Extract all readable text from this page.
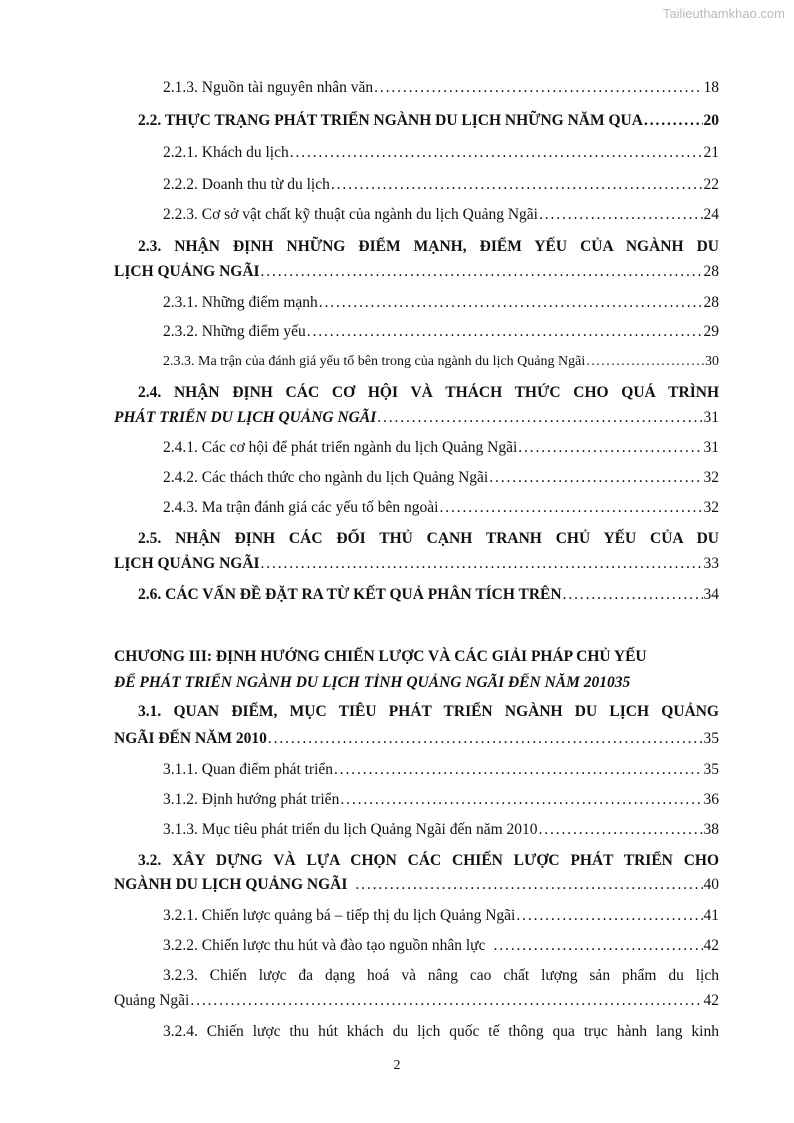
Tailieuthamkhao.com
2.1.3. Nguồn tài nguyên nhân văn . . .	18
2.2. THỰC TRẠNG PHÁT TRIỂN NGÀNH DU LỊCH NHỮNG NĂM QUA . . .	20
2.2.1. Khách du lịch . . .	21
2.2.2. Doanh thu từ du lịch . . .	22
2.2.3. Cơ sở vật chất kỹ thuật của ngành du lịch Quảng Ngãi . . .	24
2.3. NHẬN ĐỊNH NHỮNG ĐIỂM MẠNH, ĐIỂM YẾU CỦA NGÀNH DU
LỊCH QUẢNG NGÃI . . .	28
2.3.1. Những điểm mạnh . . .	28
2.3.2. Những điểm yếu . . .	29
2.3.3. Ma trận của đánh giá yếu tố bên trong của ngành du lịch Quảng Ngãi . . .	30
2.4. NHẬN ĐỊNH CÁC CƠ HỘI VÀ THÁCH THỨC CHO QUÁ TRÌNH
PHÁT TRIỂN DU LỊCH QUẢNG NGÃI . . .	31
2.4.1. Các cơ hội để phát triển ngành du lịch Quảng Ngãi . . .	31
2.4.2. Các thách thức cho ngành du lịch Quảng Ngãi . . .	32
2.4.3. Ma trận đánh giá các yếu tố bên ngoài . . .	32
2.5. NHẬN ĐỊNH CÁC ĐỐI THỦ CẠNH TRANH CHỦ YẾU CỦA DU
LỊCH QUẢNG NGÃI . . .	33
2.6. CÁC VẤN ĐỀ ĐẶT RA TỪ KẾT QUẢ PHÂN TÍCH TRÊN . . .	34
CHƯƠNG III: ĐỊNH HƯỚNG CHIẾN LƯỢC VÀ CÁC GIẢI PHÁP CHỦ YẾU
ĐỂ PHÁT TRIỂN NGÀNH DU LỊCH TỈNH QUẢNG NGÃI ĐẾN NĂM 201035
3.1. QUAN ĐIỂM, MỤC TIÊU PHÁT TRIỂN NGÀNH DU LỊCH QUẢNG
NGÃI ĐẾN NĂM 2010 . . .	35
3.1.1. Quan điểm phát triển . . .	35
3.1.2. Định hướng phát triển . . .	36
3.1.3. Mục tiêu phát triển du lịch Quảng Ngãi đến năm 2010 . . .	38
3.2. XÂY DỰNG VÀ LỰA CHỌN CÁC CHIẾN LƯỢC PHÁT TRIỂN CHO
NGÀNH DU LỊCH QUẢNG NGÃI . . .	40
3.2.1. Chiến lược quảng bá – tiếp thị du lịch Quảng Ngãi . . .	41
3.2.2. Chiến lược thu hút và đào tạo nguồn nhân lực . . .	42
3.2.3. Chiến lược đa dạng hoá và nâng cao chất lượng sản phẩm du lịch
Quảng Ngãi . . .	42
3.2.4. Chiến lược thu hút khách du lịch quốc tế thông qua trục hành lang kinh
2
